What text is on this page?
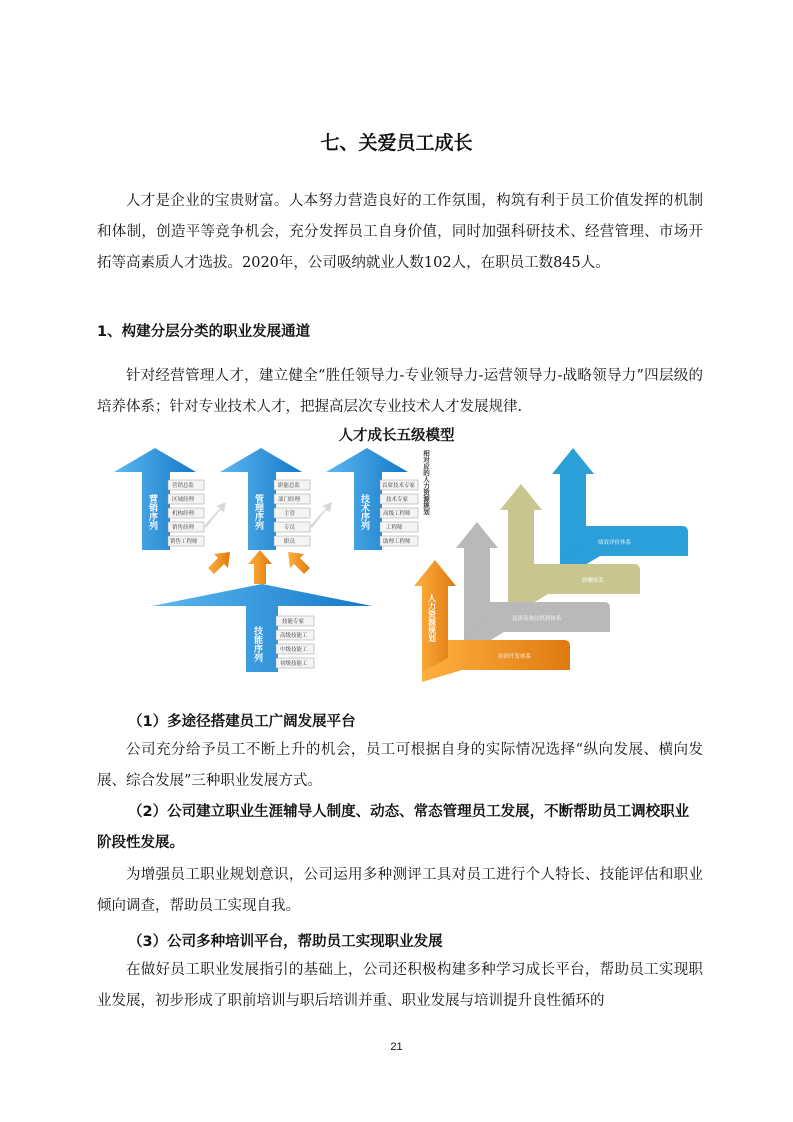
七、关爱员工成长
人才是企业的宝贵财富。人本努力营造良好的工作氛围，构筑有利于员工价值发挥的机制和体制，创造平等竞争机会，充分发挥员工自身价值，同时加强科研技术、经营管理、市场开拓等高素质人才选拔。2020年，公司吸纳就业人数102人，在职员工数845人。
1、构建分层分类的职业发展通道
针对经营管理人才，建立健全“胜任领导力-专业领导力-运营领导力-战略领导力”四层级的培养体系；针对专业技术人才，把握高层次专业技术人才发展规律.
人才成长五级模型
营销序列	管理序列	技术序列
营销总监
区域经理
机构经理
销售经理
销售工程师
职能总监
部门经理
主管
专员
职员
首席技术专家
技术专家
高级工程师
工程师
助理工程师
相对应的人力资源规划
技能序列
技能专家
高级技能工
中级技能工
初级技能工
绩效评价体系
薪酬体系
选拔及淘汰机制体系
培训开发体系
人力资源规划
（1）多途径搭建员工广阔发展平台
公司充分给予员工不断上升的机会，员工可根据自身的实际情况选择“纵向发展、横向发展、综合发展”三种职业发展方式。
（2）公司建立职业生涯辅导人制度、动态、常态管理员工发展，不断帮助员工调校职业阶段性发展。
为增强员工职业规划意识，公司运用多种测评工具对员工进行个人特长、技能评估和职业倾向调查，帮助员工实现自我。
（3）公司多种培训平台，帮助员工实现职业发展
在做好员工职业发展指引的基础上，公司还积极构建多种学习成长平台，帮助员工实现职业发展，初步形成了职前培训与职后培训并重、职业发展与培训提升良性循环的
21
